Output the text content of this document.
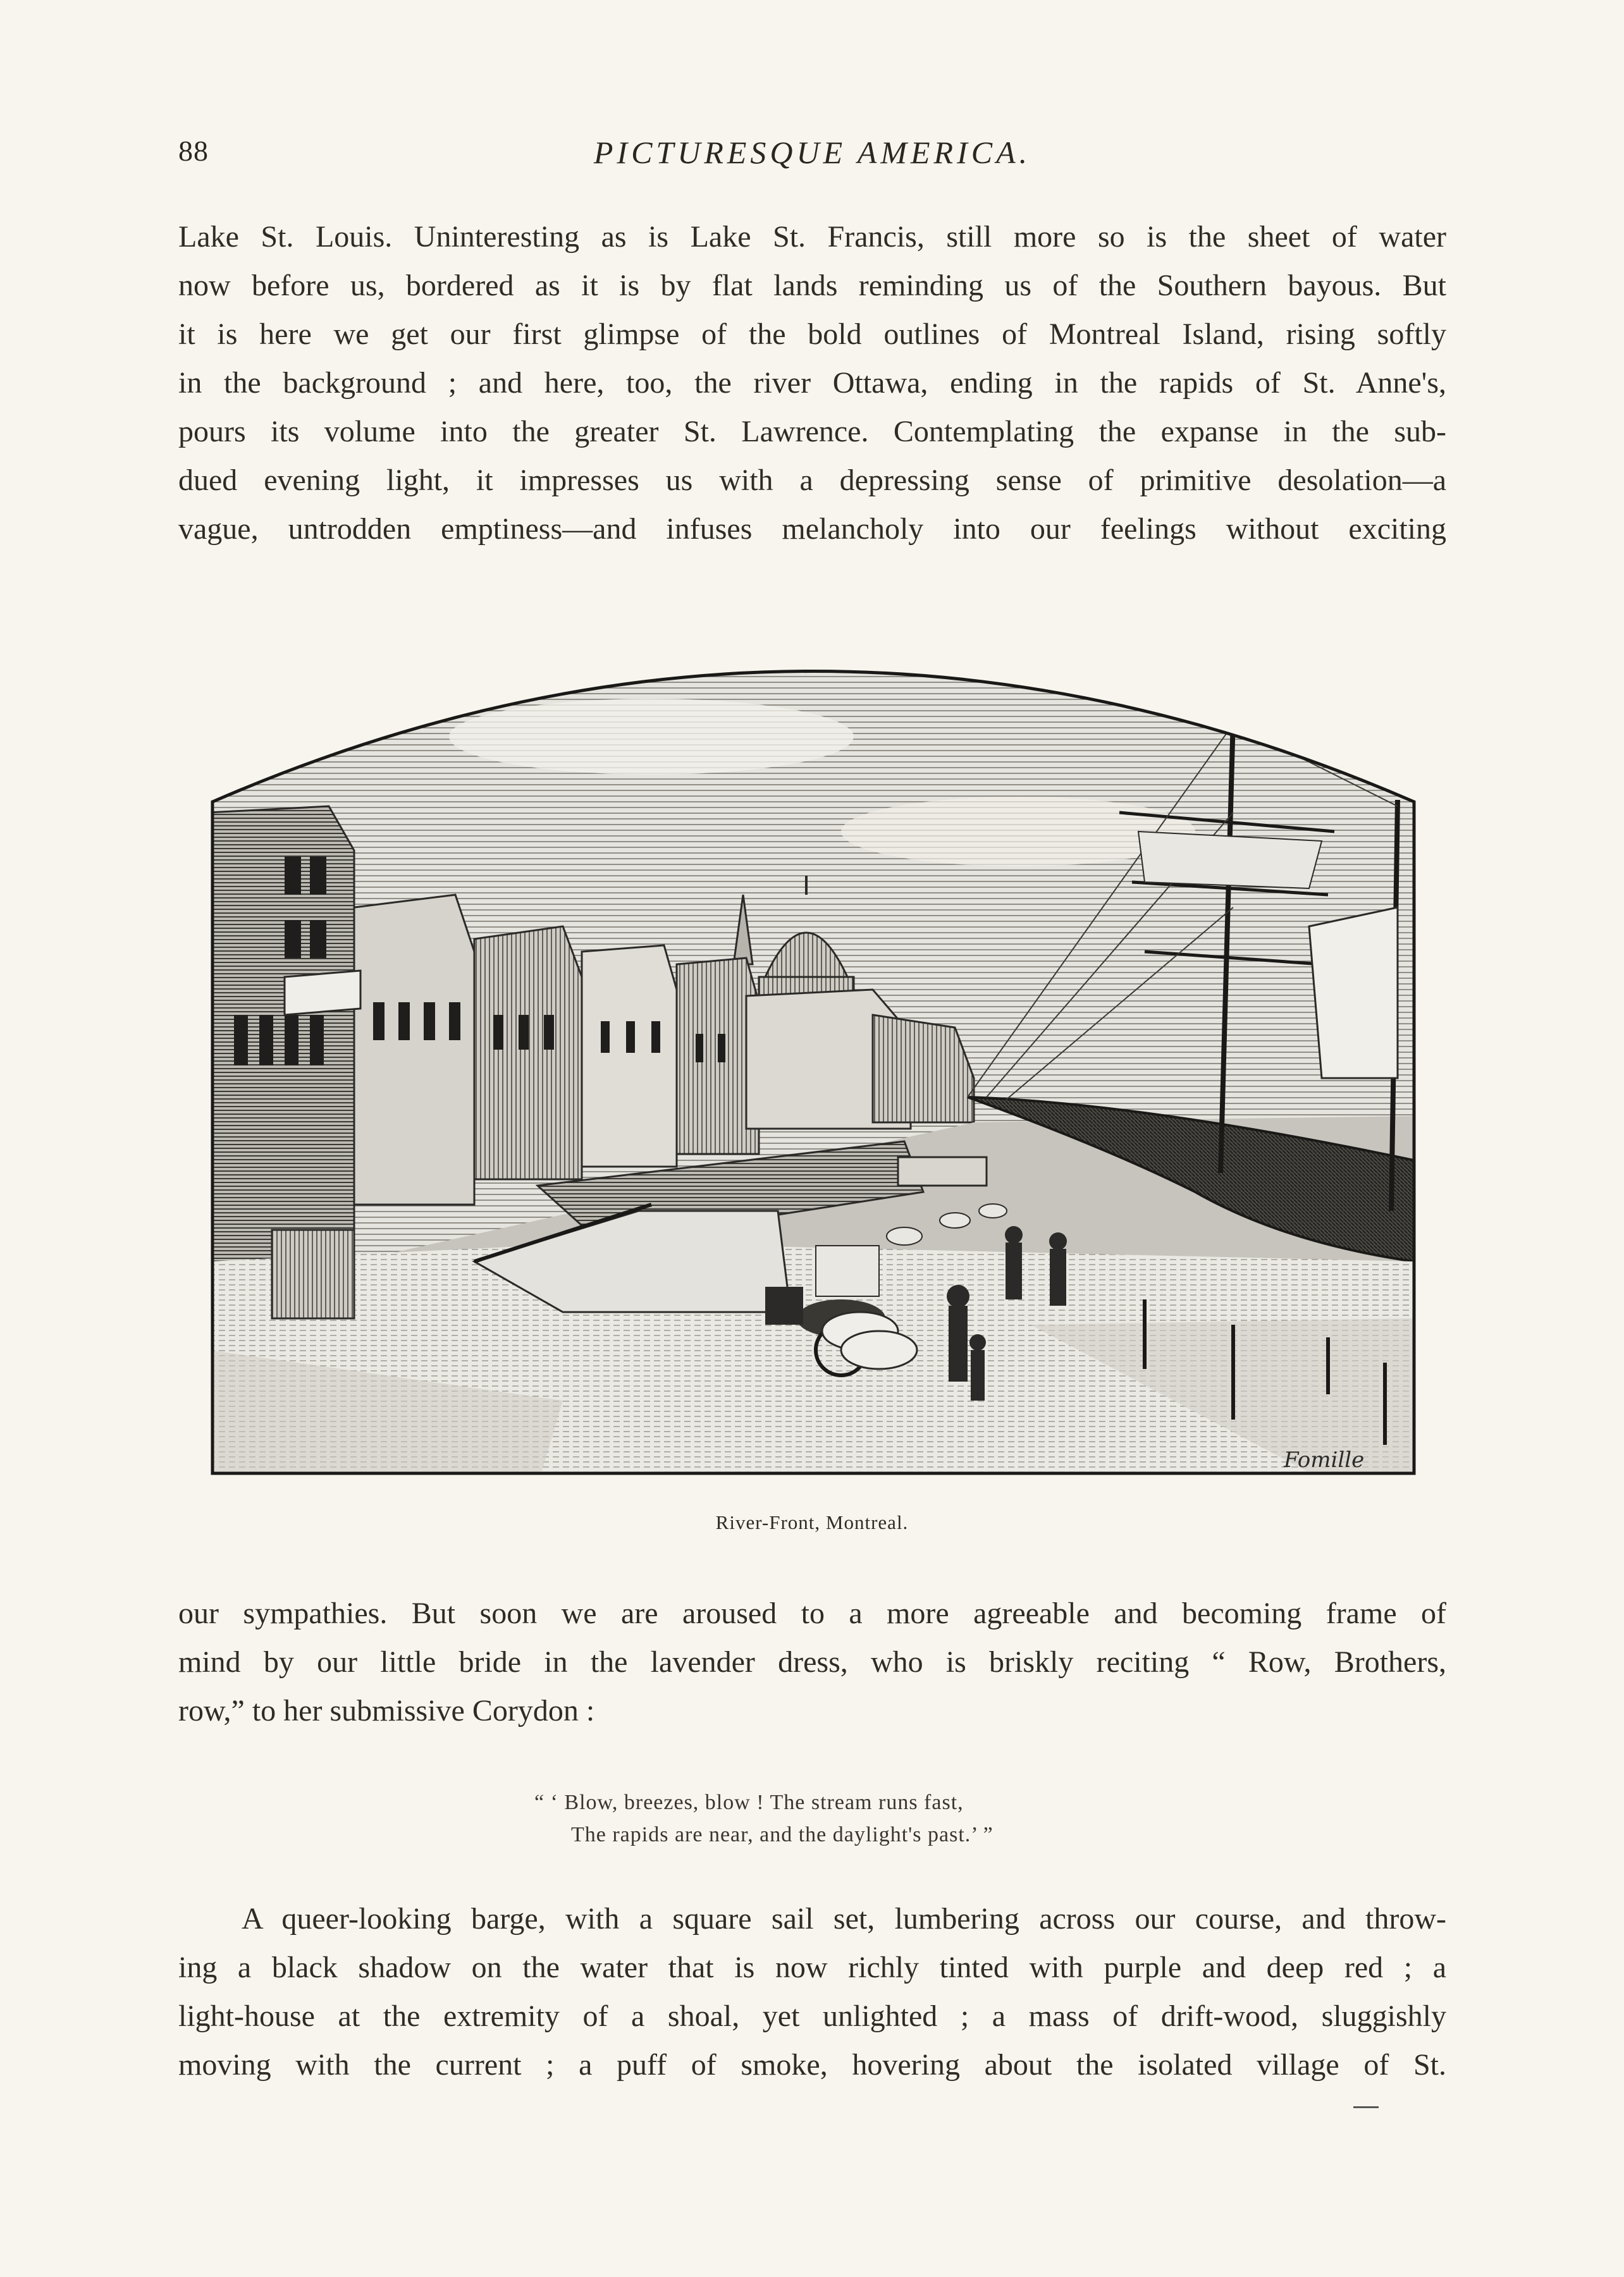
88	PICTURESQUE AMERICA.
Lake St. Louis. Uninteresting as is Lake St. Francis, still more so is the sheet of water
now before us, bordered as it is by flat lands reminding us of the Southern bayous. But
it is here we get our first glimpse of the bold outlines of Montreal Island, rising softly
in the background ; and here, too, the river Ottawa, ending in the rapids of St. Anne's,
pours its volume into the greater St. Lawrence. Contemplating the expanse in the sub-
dued evening light, it impresses us with a depressing sense of primitive desolation—a
vague, untrodden emptiness—and infuses melancholy into our feelings without exciting
Fomille
River-Front, Montreal.
our sympathies. But soon we are aroused to a more agreeable and becoming frame of
mind by our little bride in the lavender dress, who is briskly reciting “ Row, Brothers,
row,” to her submissive Corydon :
“ ‘ Blow, breezes, blow ! The stream runs fast,
The rapids are near, and the daylight's past.’ ”
A queer-looking barge, with a square sail set, lumbering across our course, and throw-
ing a black shadow on the water that is now richly tinted with purple and deep red ; a
light-house at the extremity of a shoal, yet unlighted ; a mass of drift-wood, sluggishly
moving with the current ; a puff of smoke, hovering about the isolated village of St.
